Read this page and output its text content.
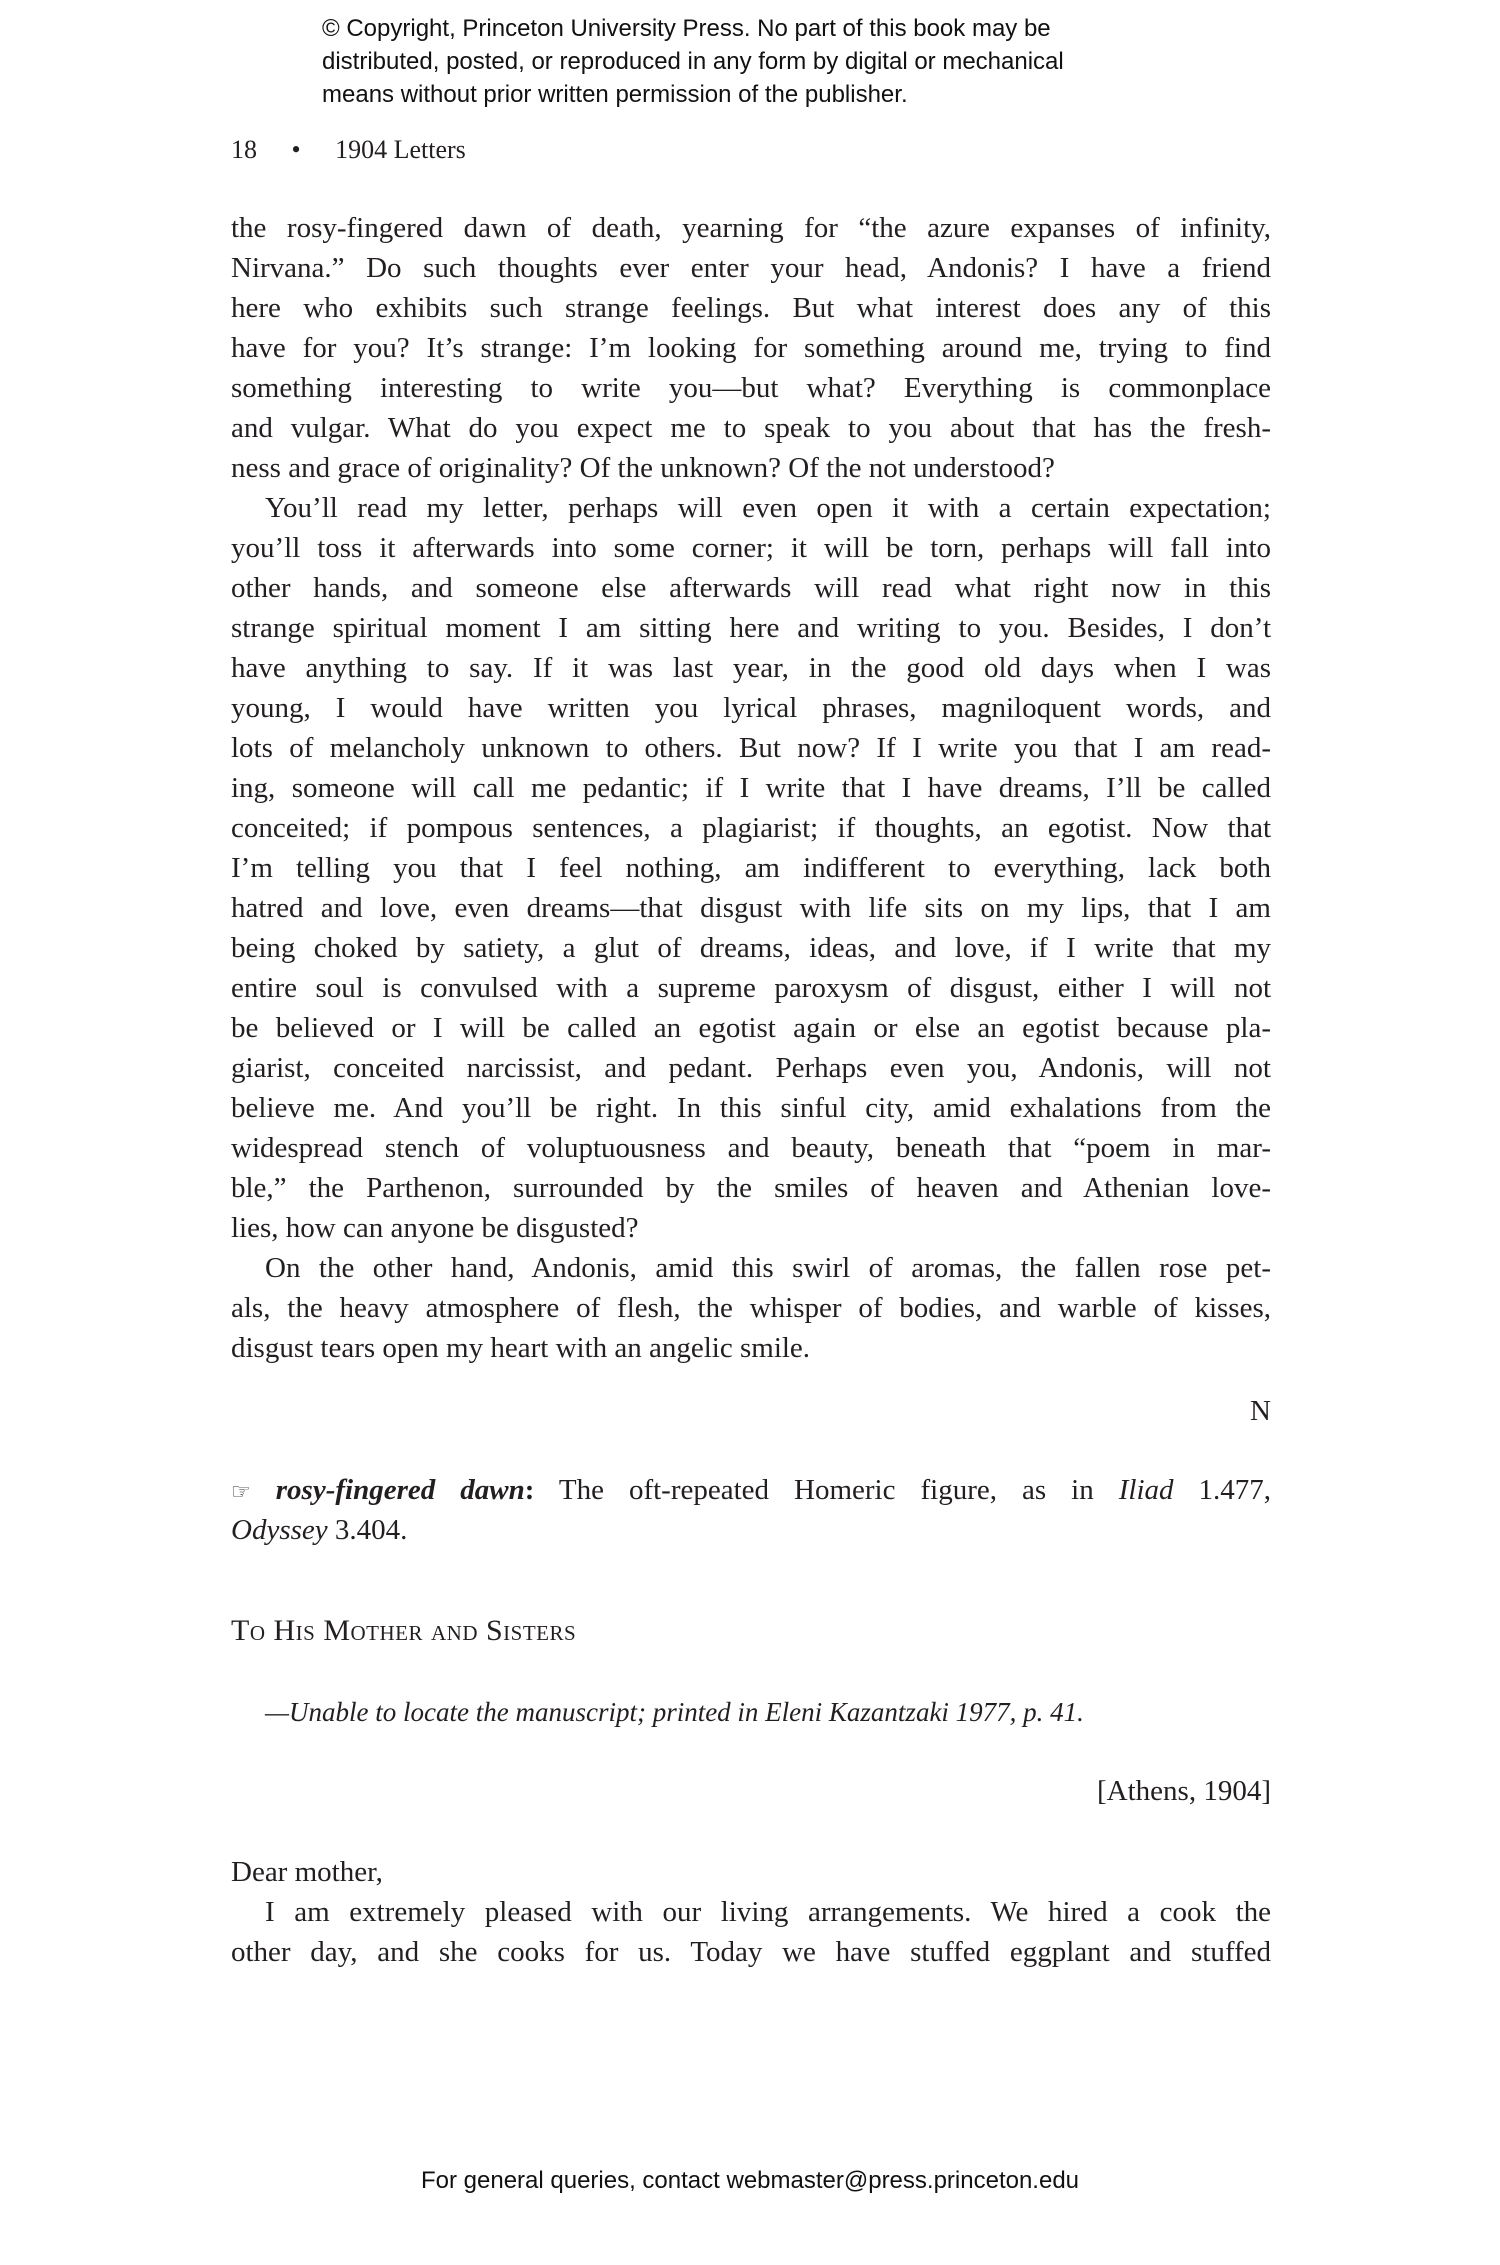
© Copyright, Princeton University Press. No part of this book may be
distributed, posted, or reproduced in any form by digital or mechanical
means without prior written permission of the publisher.
18 • 1904 Letters
the rosy-fingered dawn of death, yearning for “the azure expanses of infinity,
Nirvana.” Do such thoughts ever enter your head, Andonis? I have a friend
here who exhibits such strange feelings. But what interest does any of this
have for you? It’s strange: I’m looking for something around me, trying to find
something interesting to write you—but what? Everything is commonplace
and vulgar. What do you expect me to speak to you about that has the fresh-
ness and grace of originality? Of the unknown? Of the not understood?
You’ll read my letter, perhaps will even open it with a certain expectation;
you’ll toss it afterwards into some corner; it will be torn, perhaps will fall into
other hands, and someone else afterwards will read what right now in this
strange spiritual moment I am sitting here and writing to you. Besides, I don’t
have anything to say. If it was last year, in the good old days when I was
young, I would have written you lyrical phrases, magniloquent words, and
lots of melancholy unknown to others. But now? If I write you that I am read-
ing, someone will call me pedantic; if I write that I have dreams, I’ll be called
conceited; if pompous sentences, a plagiarist; if thoughts, an egotist. Now that
I’m telling you that I feel nothing, am indifferent to everything, lack both
hatred and love, even dreams—that disgust with life sits on my lips, that I am
being choked by satiety, a glut of dreams, ideas, and love, if I write that my
entire soul is convulsed with a supreme paroxysm of disgust, either I will not
be believed or I will be called an egotist again or else an egotist because pla-
giarist, conceited narcissist, and pedant. Perhaps even you, Andonis, will not
believe me. And you’ll be right. In this sinful city, amid exhalations from the
widespread stench of voluptuousness and beauty, beneath that “poem in mar-
ble,” the Parthenon, surrounded by the smiles of heaven and Athenian love-
lies, how can anyone be disgusted?
On the other hand, Andonis, amid this swirl of aromas, the fallen rose pet-
als, the heavy atmosphere of flesh, the whisper of bodies, and warble of kisses,
disgust tears open my heart with an angelic smile.
N
☞ rosy-fingered dawn: The oft-repeated Homeric figure, as in Iliad 1.477,
Odyssey 3.404.
To His Mother and Sisters
—Unable to locate the manuscript; printed in Eleni Kazantzaki 1977, p. 41.
[Athens, 1904]
Dear mother,
I am extremely pleased with our living arrangements. We hired a cook the
other day, and she cooks for us. Today we have stuffed eggplant and stuffed
For general queries, contact webmaster@press.princeton.edu
